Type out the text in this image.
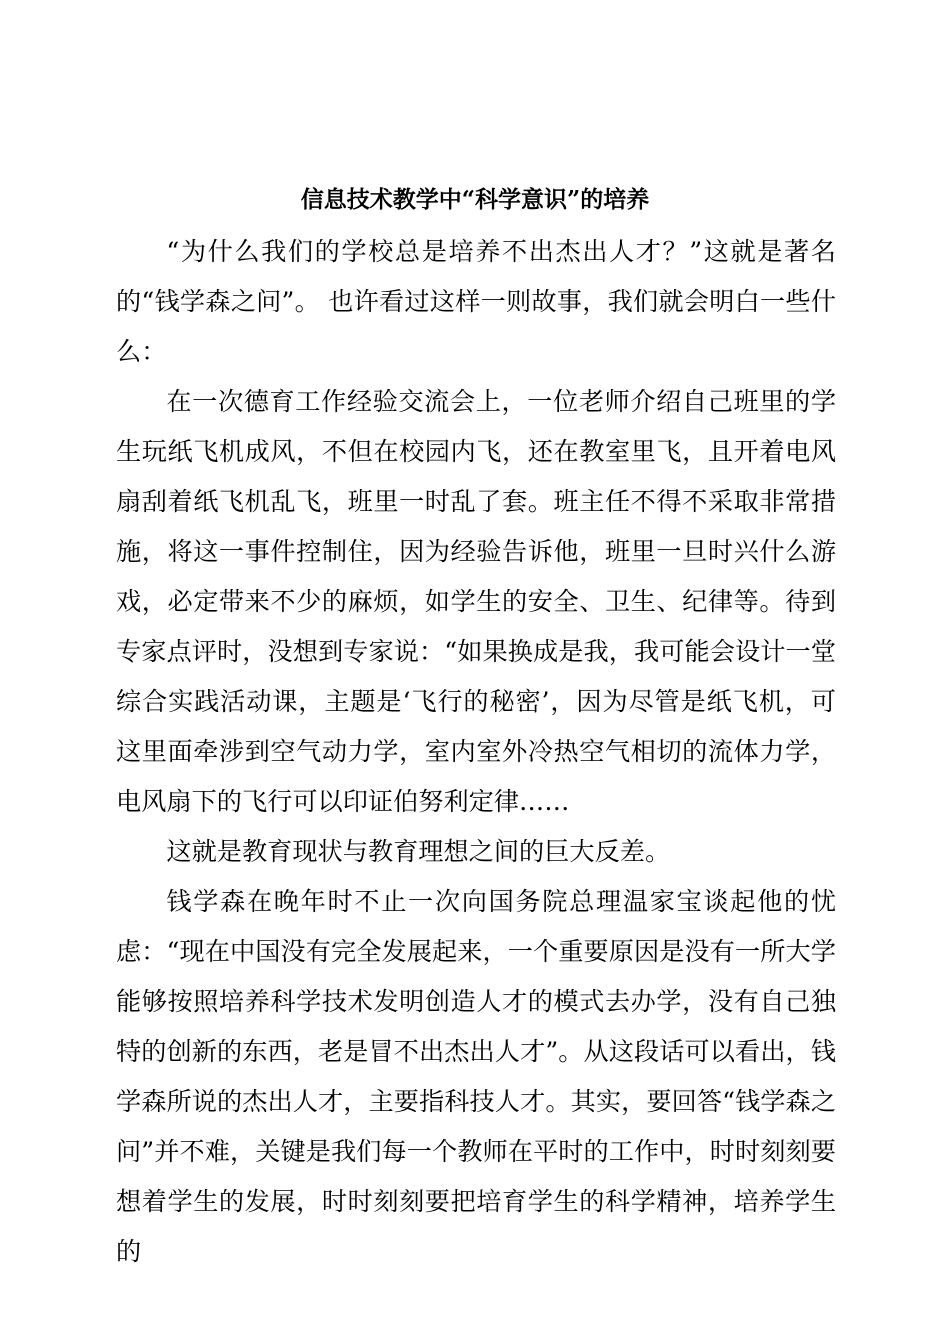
信息技术教学中“科学意识”的培养

“为什么我们的学校总是培养不出杰出人才？”这就是著名的“钱学森之问”。 也许看过这样一则故事，我们就会明白一些什么：

在一次德育工作经验交流会上，一位老师介绍自己班里的学生玩纸飞机成风，不但在校园内飞，还在教室里飞，且开着电风扇刮着纸飞机乱飞，班里一时乱了套。班主任不得不采取非常措施，将这一事件控制住，因为经验告诉他，班里一旦时兴什么游戏，必定带来不少的麻烦，如学生的安全、卫生、纪律等。待到专家点评时，没想到专家说：“如果换成是我，我可能会设计一堂综合实践活动课，主题是‘飞行的秘密’，因为尽管是纸飞机，可这里面牵涉到空气动力学，室内室外冷热空气相切的流体力学，电风扇下的飞行可以印证伯努利定律……

这就是教育现状与教育理想之间的巨大反差。

钱学森在晚年时不止一次向国务院总理温家宝谈起他的忧虑：“现在中国没有完全发展起来，一个重要原因是没有一所大学能够按照培养科学技术发明创造人才的模式去办学，没有自己独特的创新的东西，老是冒不出杰出人才”。从这段话可以看出，钱学森所说的杰出人才，主要指科技人才。其实，要回答“钱学森之问”并不难，关键是我们每一个教师在平时的工作中，时时刻刻要想着学生的发展，时时刻刻要把培育学生的科学精神，培养学生的
